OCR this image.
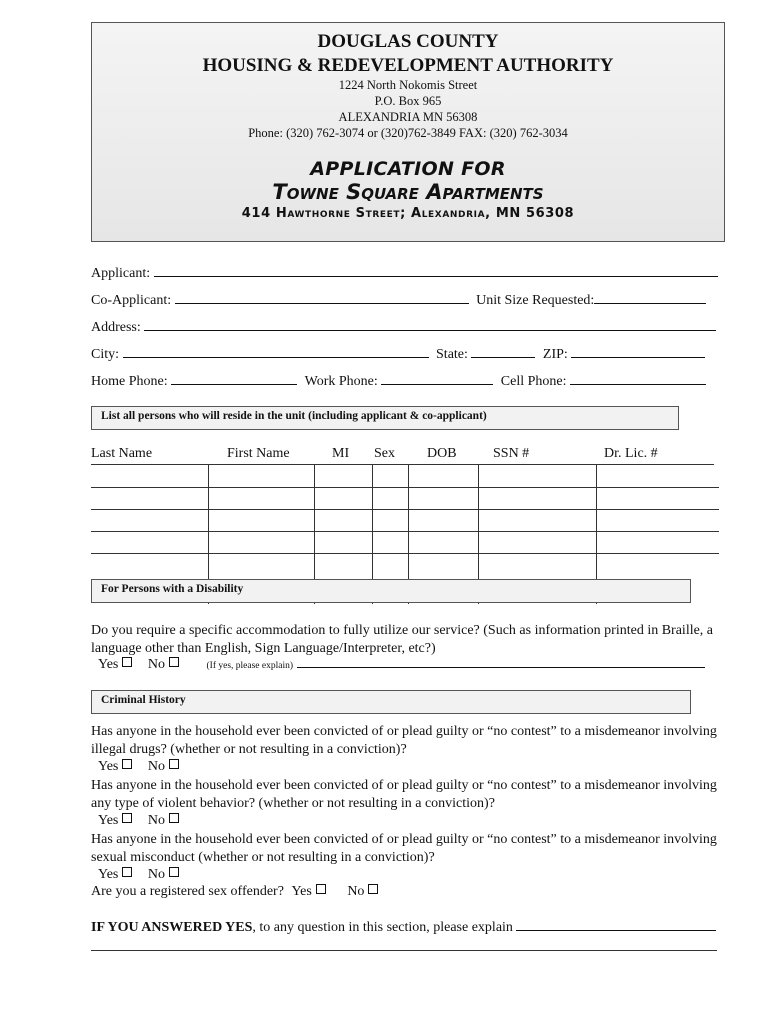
DOUGLAS COUNTY
HOUSING & REDEVELOPMENT AUTHORITY
1224 North Nokomis Street
P.O. Box 965
ALEXANDRIA MN 56308
Phone: (320) 762-3074 or (320)762-3849 FAX: (320) 762-3034
APPLICATION FOR
Towne Square Apartments
414 Hawthorne Street; Alexandria, MN 56308
Applicant:
Co-Applicant:	Unit Size Requested:
Address:
City:	State:	ZIP:
Home Phone:	Work Phone:	Cell Phone:
List all persons who will reside in the unit (including applicant & co-applicant)
Last Name	First Name	MI Sex DOB	SSN #	Dr. Lic. #
For Persons with a Disability
Do you require a specific accommodation to fully utilize our service? (Such as information printed in Braille, a language other than English, Sign Language/Interpreter, etc?)
Yes No	(If yes, please explain)
Criminal History
Has anyone in the household ever been convicted of or plead guilty or “no contest” to a misdemeanor involving illegal drugs? (whether or not resulting in a conviction)?
Yes No
Has anyone in the household ever been convicted of or plead guilty or “no contest” to a misdemeanor involving any type of violent behavior? (whether or not resulting in a conviction)?
Yes No
Has anyone in the household ever been convicted of or plead guilty or “no contest” to a misdemeanor involving sexual misconduct (whether or not resulting in a conviction)?
Yes No
Are you a registered sex offender? Yes	No
IF YOU ANSWERED YES, to any question in this section, please explain
